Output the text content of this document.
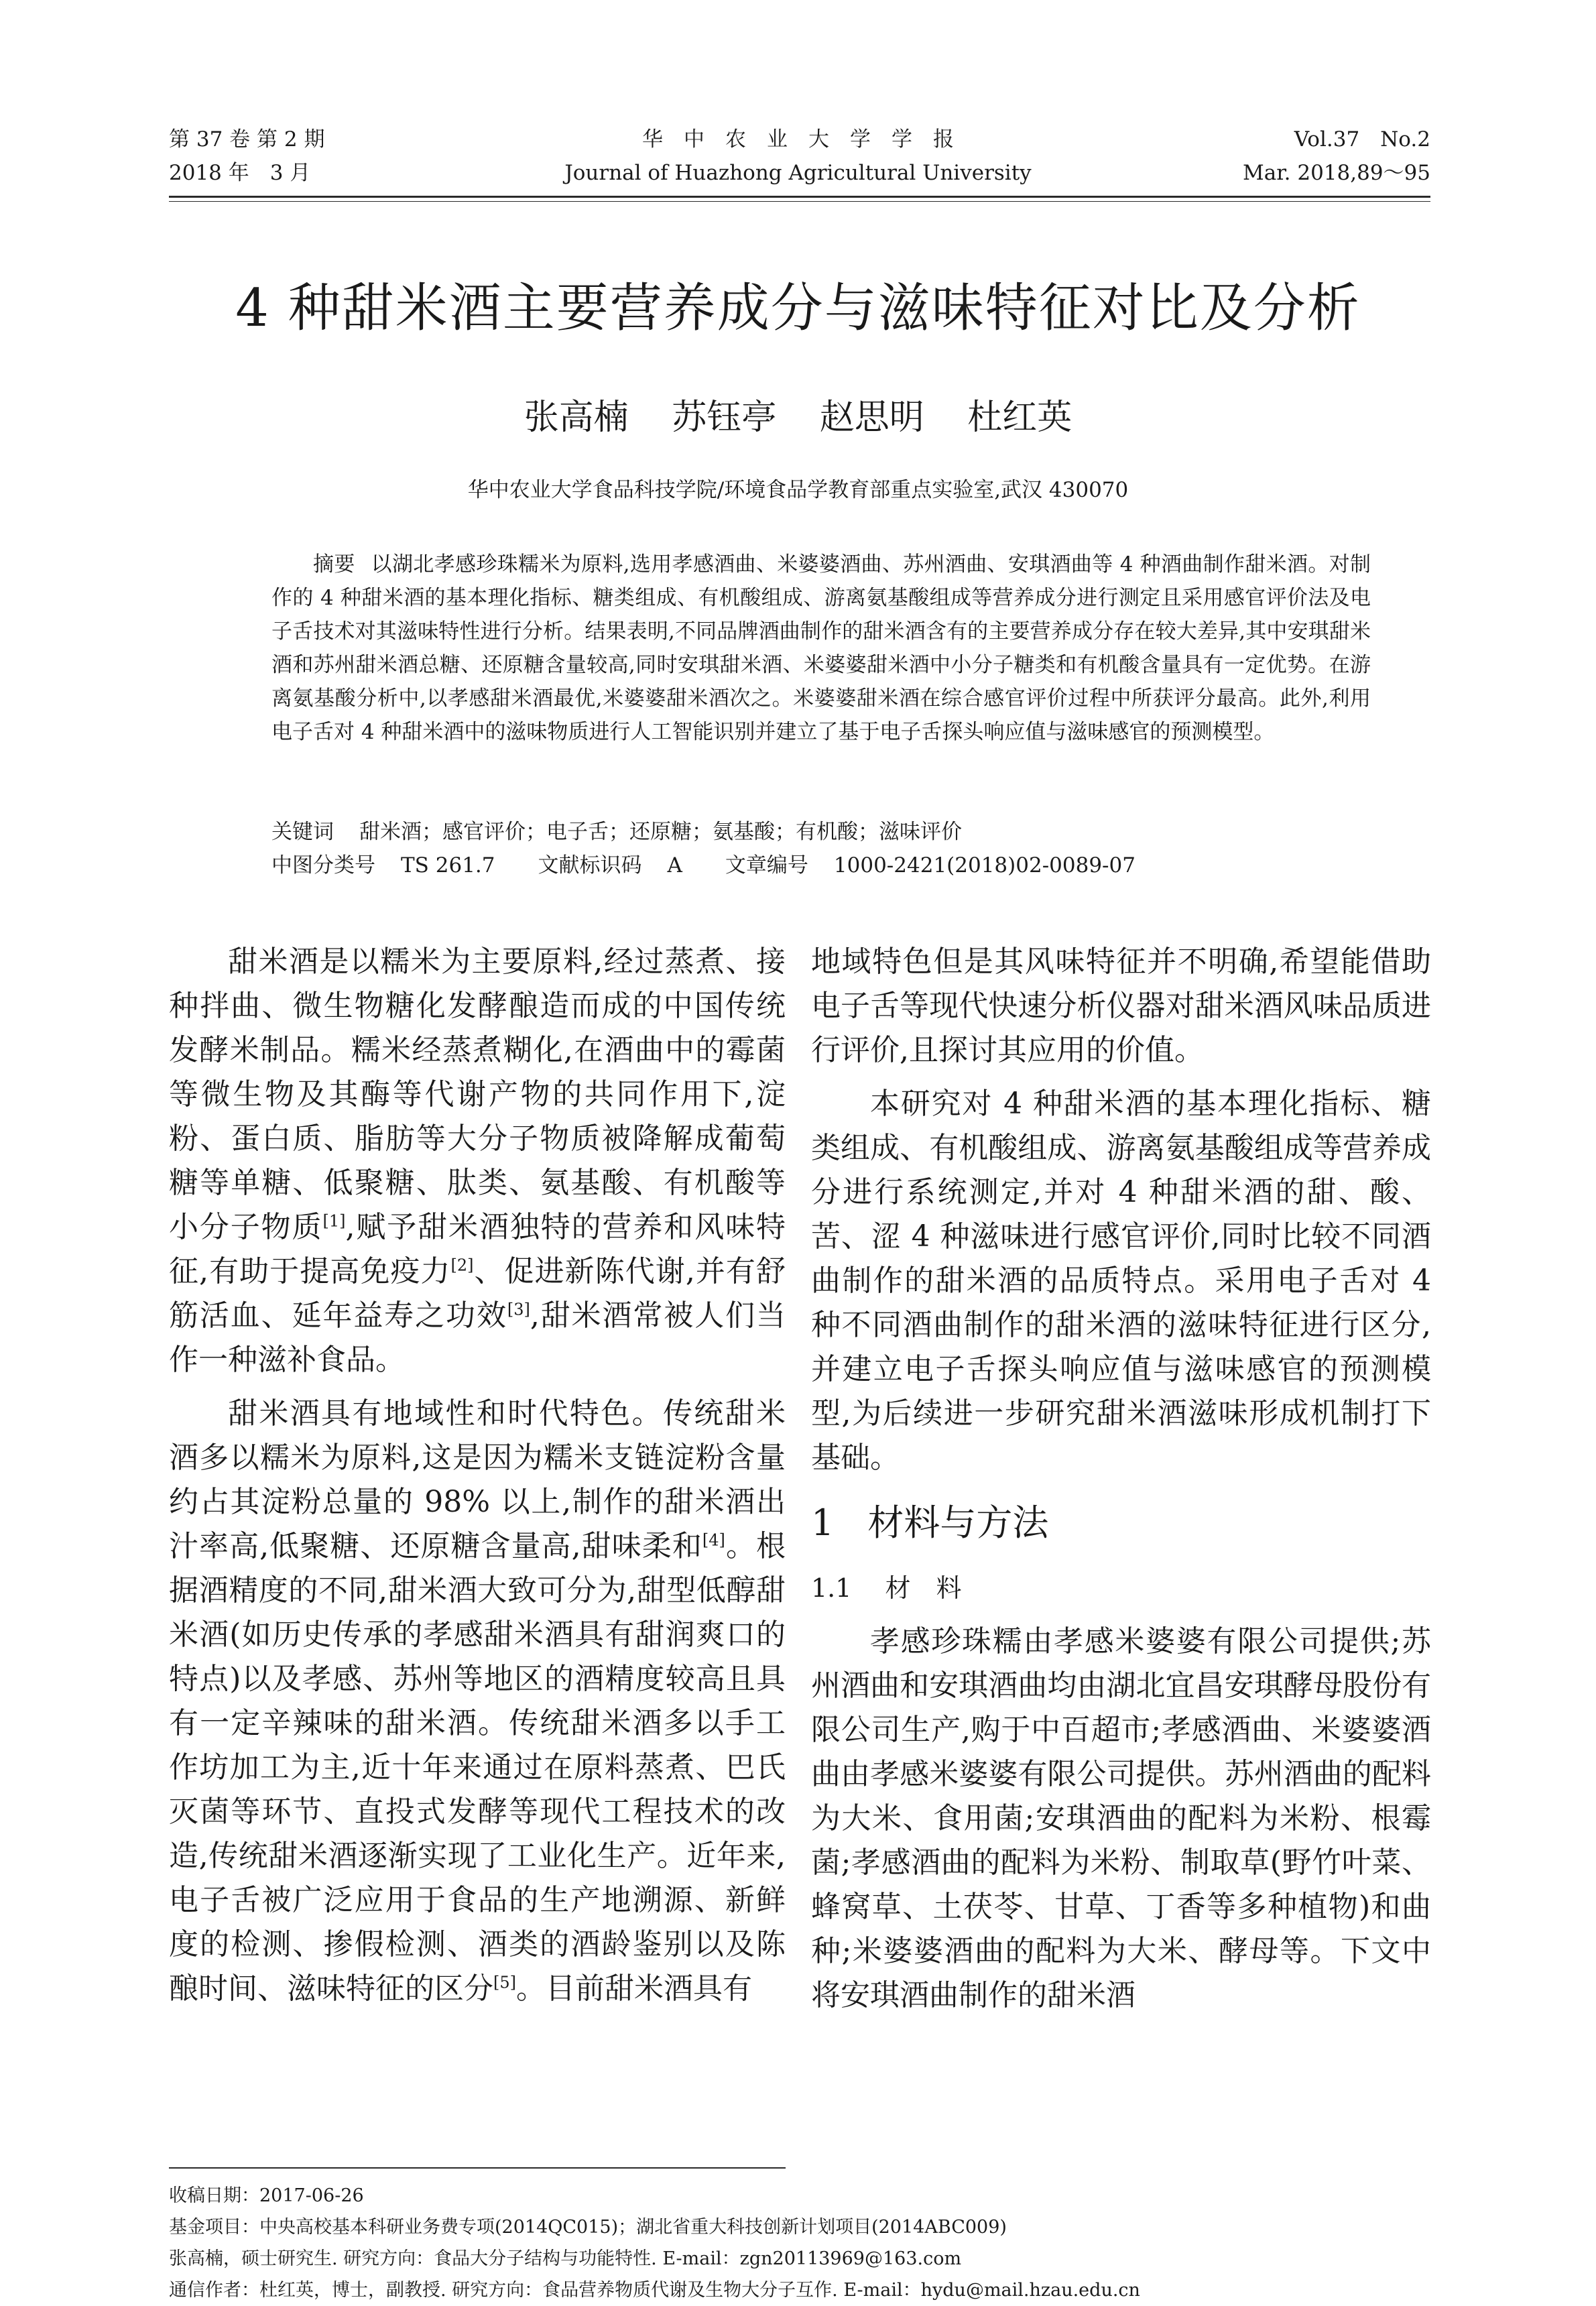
第 37 卷 第 2 期
2018 年　3 月
华　中　农　业　大　学　学　报
Journal of Huazhong Agricultural University
Vol.37　No.2
Mar. 2018,89～95
4 种甜米酒主要营养成分与滋味特征对比及分析
张高楠 苏钰亭 赵思明 杜红英
华中农业大学食品科技学院/环境食品学教育部重点实验室,武汉 430070

摘要 以湖北孝感珍珠糯米为原料,选用孝感酒曲、米婆婆酒曲、苏州酒曲、安琪酒曲等 4 种酒曲制作甜米酒。对制作的 4 种甜米酒的基本理化指标、糖类组成、有机酸组成、游离氨基酸组成等营养成分进行测定且采用感官评价法及电子舌技术对其滋味特性进行分析。结果表明,不同品牌酒曲制作的甜米酒含有的主要营养成分存在较大差异,其中安琪甜米酒和苏州甜米酒总糖、还原糖含量较高,同时安琪甜米酒、米婆婆甜米酒中小分子糖类和有机酸含量具有一定优势。在游离氨基酸分析中,以孝感甜米酒最优,米婆婆甜米酒次之。米婆婆甜米酒在综合感官评价过程中所获评分最高。此外,利用电子舌对 4 种甜米酒中的滋味物质进行人工智能识别并建立了基于电子舌探头响应值与滋味感官的预测模型。

关键词 甜米酒；感官评价；电子舌；还原糖；氨基酸；有机酸；滋味评价
中图分类号 TS 261.7 文献标识码 A 文章编号 1000-2421(2018)02-0089-07

甜米酒是以糯米为主要原料,经过蒸煮、接种拌曲、微生物糖化发酵酿造而成的中国传统发酵米制品。糯米经蒸煮糊化,在酒曲中的霉菌等微生物及其酶等代谢产物的共同作用下,淀粉、蛋白质、脂肪等大分子物质被降解成葡萄糖等单糖、低聚糖、肽类、氨基酸、有机酸等小分子物质[1],赋予甜米酒独特的营养和风味特征,有助于提高免疫力[2]、促进新陈代谢,并有舒筋活血、延年益寿之功效[3],甜米酒常被人们当作一种滋补食品。

甜米酒具有地域性和时代特色。传统甜米酒多以糯米为原料,这是因为糯米支链淀粉含量约占其淀粉总量的 98% 以上,制作的甜米酒出汁率高,低聚糖、还原糖含量高,甜味柔和[4]。根据酒精度的不同,甜米酒大致可分为,甜型低醇甜米酒(如历史传承的孝感甜米酒具有甜润爽口的特点)以及孝感、苏州等地区的酒精度较高且具有一定辛辣味的甜米酒。传统甜米酒多以手工作坊加工为主,近十年来通过在原料蒸煮、巴氏灭菌等环节、直投式发酵等现代工程技术的改造,传统甜米酒逐渐实现了工业化生产。近年来,电子舌被广泛应用于食品的生产地溯源、新鲜度的检测、掺假检测、酒类的酒龄鉴别以及陈酿时间、滋味特征的区分[5]。目前甜米酒具有

地域特色但是其风味特征并不明确,希望能借助电子舌等现代快速分析仪器对甜米酒风味品质进行评价,且探讨其应用的价值。

本研究对 4 种甜米酒的基本理化指标、糖类组成、有机酸组成、游离氨基酸组成等营养成分进行系统测定,并对 4 种甜米酒的甜、酸、苦、涩 4 种滋味进行感官评价,同时比较不同酒曲制作的甜米酒的品质特点。采用电子舌对 4 种不同酒曲制作的甜米酒的滋味特征进行区分,并建立电子舌探头响应值与滋味感官的预测模型,为后续进一步研究甜米酒滋味形成机制打下基础。

1 材料与方法

1.1 材　料

孝感珍珠糯由孝感米婆婆有限公司提供;苏州酒曲和安琪酒曲均由湖北宜昌安琪酵母股份有限公司生产,购于中百超市;孝感酒曲、米婆婆酒曲由孝感米婆婆有限公司提供。苏州酒曲的配料为大米、食用菌;安琪酒曲的配料为米粉、根霉菌;孝感酒曲的配料为米粉、制取草(野竹叶菜、蜂窝草、土茯苓、甘草、丁香等多种植物)和曲种;米婆婆酒曲的配料为大米、酵母等。下文中将安琪酒曲制作的甜米酒

收稿日期：2017-06-26
基金项目：中央高校基本科研业务费专项(2014QC015)；湖北省重大科技创新计划项目(2014ABC009)
张高楠，硕士研究生. 研究方向：食品大分子结构与功能特性. E-mail：zgn20113969@163.com
通信作者：杜红英，博士，副教授. 研究方向：食品营养物质代谢及生物大分子互作. E-mail：hydu@mail.hzau.edu.cn
